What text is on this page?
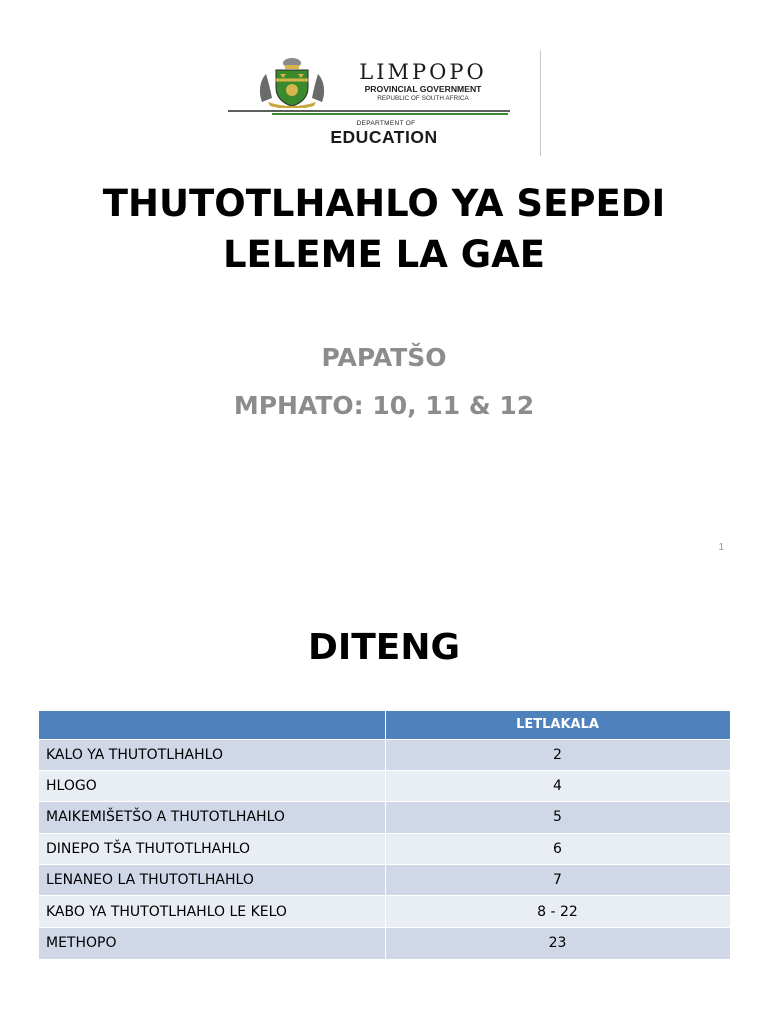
LIMPOPO
PROVINCIAL GOVERNMENT
REPUBLIC OF SOUTH AFRICA
DEPARTMENT OF
EDUCATION
THUTOTLHAHLO YA SEPEDI
LELEME LA GAE
PAPATŠO
MPHATO: 10, 11 & 12
1
DITENG
	LETLAKALA
KALO YA THUTOTLHAHLO	2
HLOGO	4
MAIKEMIŠETŠO A THUTOTLHAHLO	5
DINEPO TŠA THUTOTLHAHLO	6
LENANEO LA THUTOTLHAHLO	7
KABO YA THUTOTLHAHLO LE KELO	8 - 22
METHOPO	23
